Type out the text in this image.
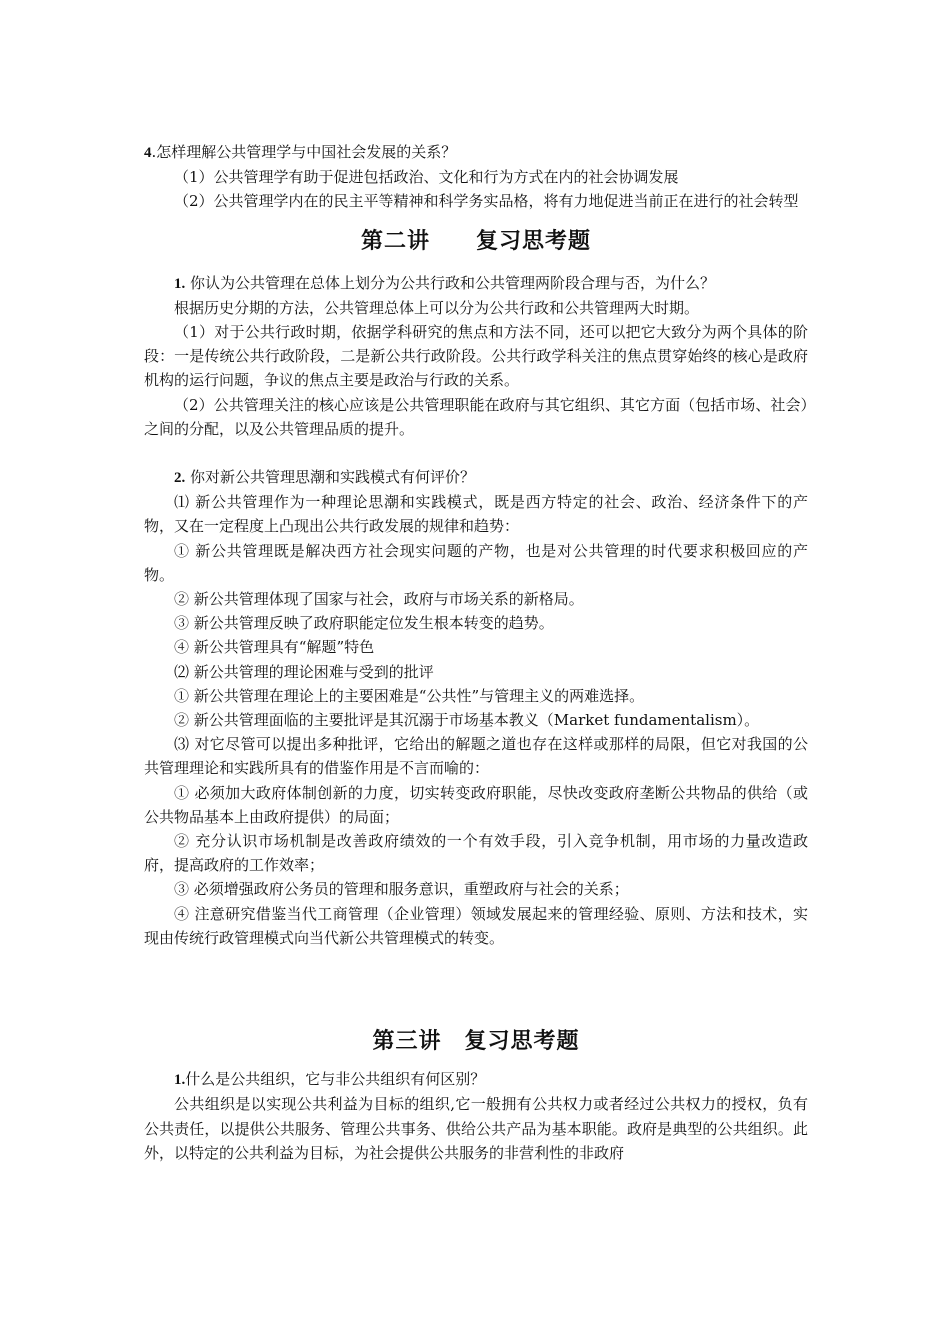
4.怎样理解公共管理学与中国社会发展的关系？

（1）公共管理学有助于促进包括政治、文化和行为方式在内的社会协调发展

（2）公共管理学内在的民主平等精神和科学务实品格，将有力地促进当前正在进行的社会转型

第二讲　　复习思考题

1. 你认为公共管理在总体上划分为公共行政和公共管理两阶段合理与否，为什么？

根据历史分期的方法，公共管理总体上可以分为公共行政和公共管理两大时期。

（1）对于公共行政时期，依据学科研究的焦点和方法不同，还可以把它大致分为两个具体的阶段：一是传统公共行政阶段，二是新公共行政阶段。公共行政学科关注的焦点贯穿始终的核心是政府机构的运行问题，争议的焦点主要是政治与行政的关系。

（2）公共管理关注的核心应该是公共管理职能在政府与其它组织、其它方面（包括市场、社会）之间的分配，以及公共管理品质的提升。

2. 你对新公共管理思潮和实践模式有何评价？

⑴ 新公共管理作为一种理论思潮和实践模式，既是西方特定的社会、政治、经济条件下的产物，又在一定程度上凸现出公共行政发展的规律和趋势：

① 新公共管理既是解决西方社会现实问题的产物，也是对公共管理的时代要求积极回应的产物。

② 新公共管理体现了国家与社会，政府与市场关系的新格局。

③ 新公共管理反映了政府职能定位发生根本转变的趋势。

④ 新公共管理具有“解题”特色

⑵ 新公共管理的理论困难与受到的批评

① 新公共管理在理论上的主要困难是“公共性”与管理主义的两难选择。

② 新公共管理面临的主要批评是其沉溺于市场基本教义（Market fundamentalism）。

⑶ 对它尽管可以提出多种批评，它给出的解题之道也存在这样或那样的局限，但它对我国的公共管理理论和实践所具有的借鉴作用是不言而喻的：

① 必须加大政府体制创新的力度，切实转变政府职能，尽快改变政府垄断公共物品的供给（或公共物品基本上由政府提供）的局面；

② 充分认识市场机制是改善政府绩效的一个有效手段，引入竞争机制，用市场的力量改造政府，提高政府的工作效率；

③ 必须增强政府公务员的管理和服务意识，重塑政府与社会的关系；

④ 注意研究借鉴当代工商管理（企业管理）领域发展起来的管理经验、原则、方法和技术，实现由传统行政管理模式向当代新公共管理模式的转变。

第三讲　复习思考题

1.什么是公共组织，它与非公共组织有何区别？

公共组织是以实现公共利益为目标的组织,它一般拥有公共权力或者经过公共权力的授权，负有公共责任，以提供公共服务、管理公共事务、供给公共产品为基本职能。政府是典型的公共组织。此外，以特定的公共利益为目标，为社会提供公共服务的非营利性的非政府
